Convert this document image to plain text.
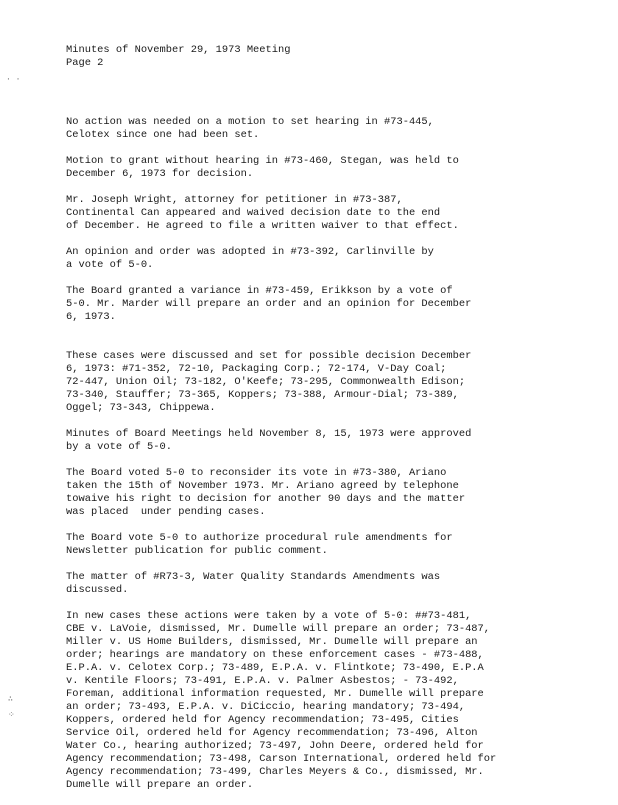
Minutes of November 29, 1973 Meeting
Page 2

No action was needed on a motion to set hearing in #73-445,
Celotex since one had been set.

Motion to grant without hearing in #73-460, Stegan, was held to
December 6, 1973 for decision.

Mr. Joseph Wright, attorney for petitioner in #73-387,
Continental Can appeared and waived decision date to the end
of December. He agreed to file a written waiver to that effect.

An opinion and order was adopted in #73-392, Carlinville by
a vote of 5-0.

The Board granted a variance in #73-459, Erikkson by a vote of
5-0. Mr. Marder will prepare an order and an opinion for December
6, 1973.

These cases were discussed and set for possible decision December
6, 1973: #71-352, 72-10, Packaging Corp.; 72-174, V-Day Coal;
72-447, Union Oil; 73-182, O'Keefe; 73-295, Commonwealth Edison;
73-340, Stauffer; 73-365, Koppers; 73-388, Armour-Dial; 73-389,
Oggel; 73-343, Chippewa.

Minutes of Board Meetings held November 8, 15, 1973 were approved
by a vote of 5-0.

The Board voted 5-0 to reconsider its vote in #73-380, Ariano
taken the 15th of November 1973. Mr. Ariano agreed by telephone
towaive his right to decision for another 90 days and the matter
was placed  under pending cases.

The Board vote 5-0 to authorize procedural rule amendments for
Newsletter publication for public comment.

The matter of #R73-3, Water Quality Standards Amendments was
discussed.

In new cases these actions were taken by a vote of 5-0: ##73-481,
CBE v. LaVoie, dismissed, Mr. Dumelle will prepare an order; 73-487,
Miller v. US Home Builders, dismissed, Mr. Dumelle will prepare an
order; hearings are mandatory on these enforcement cases - #73-488,
E.P.A. v. Celotex Corp.; 73-489, E.P.A. v. Flintkote; 73-490, E.P.A
v. Kentile Floors; 73-491, E.P.A. v. Palmer Asbestos; - 73-492,
Foreman, additional information requested, Mr. Dumelle will prepare
an order; 73-493, E.P.A. v. DiCiccio, hearing mandatory; 73-494,
Koppers, ordered held for Agency recommendation; 73-495, Cities
Service Oil, ordered held for Agency recommendation; 73-496, Alton
Water Co., hearing authorized; 73-497, John Deere, ordered held for
Agency recommendation; 73-498, Carson International, ordered held for
Agency recommendation; 73-499, Charles Meyers & Co., dismissed, Mr.
Dumelle will prepare an order.

· ·
∴
⁘
